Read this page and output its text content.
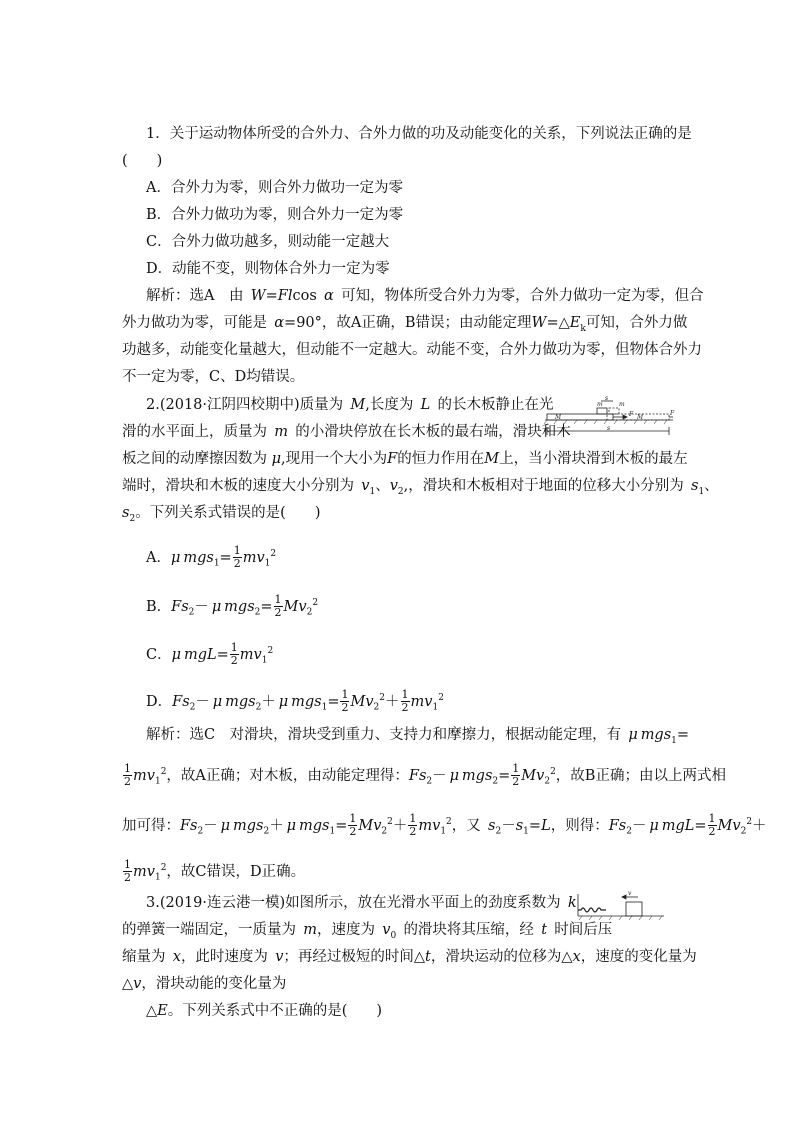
1．关于运动物体所受的合外力、合外力做的功及动能变化的关系，下列说法正确的是
(　　)
A．合外力为零，则合外力做功一定为零
B．合外力做功为零，则合外力一定为零
C．合外力做功越多，则动能一定越大
D．动能不变，则物体合外力一定为零
解析：选A　由  W=Flcos α  可知，物体所受合外力为零，合外力做功一定为零，但合
外力做功为零，可能是  α=90°，故A正确，B错误；由动能定理$W=\triangle E_k$可知，合外力做
功越多，动能变化量越大，但动能不一定越大。动能不变，合外力做功为零，但物体合外力
不一定为零，C、D均错误。
2.(2018·江阴四校期中)质量为  M,长度为  L  的长木板静止在光
滑的水平面上，质量为  m  的小滑块停放在长木板的最右端，滑块和木
板之间的动摩擦因数为 μ,现用一个大小为F的恒力作用在M上，当小滑块滑到木板的最左
端时，滑块和木板的速度大小分别为  $v_1$、$v_2$,，滑块和木板相对于地面的位移大小分别为  $s_1$、
$s_2$。下列关系式错误的是(　　)
m
s
M	F
m
M
F
s
A．μ  $mgs_1= \frac{1}{2} mv_1^2$
B．$Fs_2- \mu$  $mgs_2= \frac{1}{2} Mv_2^2$
C．μ  $mgL= \frac{1}{2} mv_1^2$
D．$Fs_2- \mu$  mgs$_2$＋ μ  $mgs_1= \frac{1}{2} Mv_2^2+ \frac{1}{2} mv_1^2$
解析：选C　对滑块，滑块受到重力、支持力和摩擦力，根据动能定理，有  μ  mgs$_1$=
$\frac{1}{2} mv_1^2$，故A正确；对木板，由动能定理得：$Fs_2- \mu$  $mgs_2= \frac{1}{2} Mv_2^2$，故B正确；由以上两式相
加可得：$Fs_2- \mu$  mgs$_2$＋ μ  $mgs_1= \frac{1}{2} Mv_2^2+ \frac{1}{2} mv_1^2$，又  $s_2-s_1=L$，则得：$Fs_2- \mu$  $mgL= \frac{1}{2} Mv_2^2+$
$\frac{1}{2} mv_1^2$，故C错误，D正确。
3.(2019·连云港一模)如图所示，放在光滑水平面上的劲度系数为  k
的弹簧一端固定，一质量为  m，速度为  $v_0$  的滑块将其压缩，经  t  时间后压
缩量为  x，此时速度为  v；再经过极短的时间△t，滑块运动的位移为△x，速度的变化量为
△v，滑块动能的变化量为
△E。下列关系式中不正确的是(　　)
v
